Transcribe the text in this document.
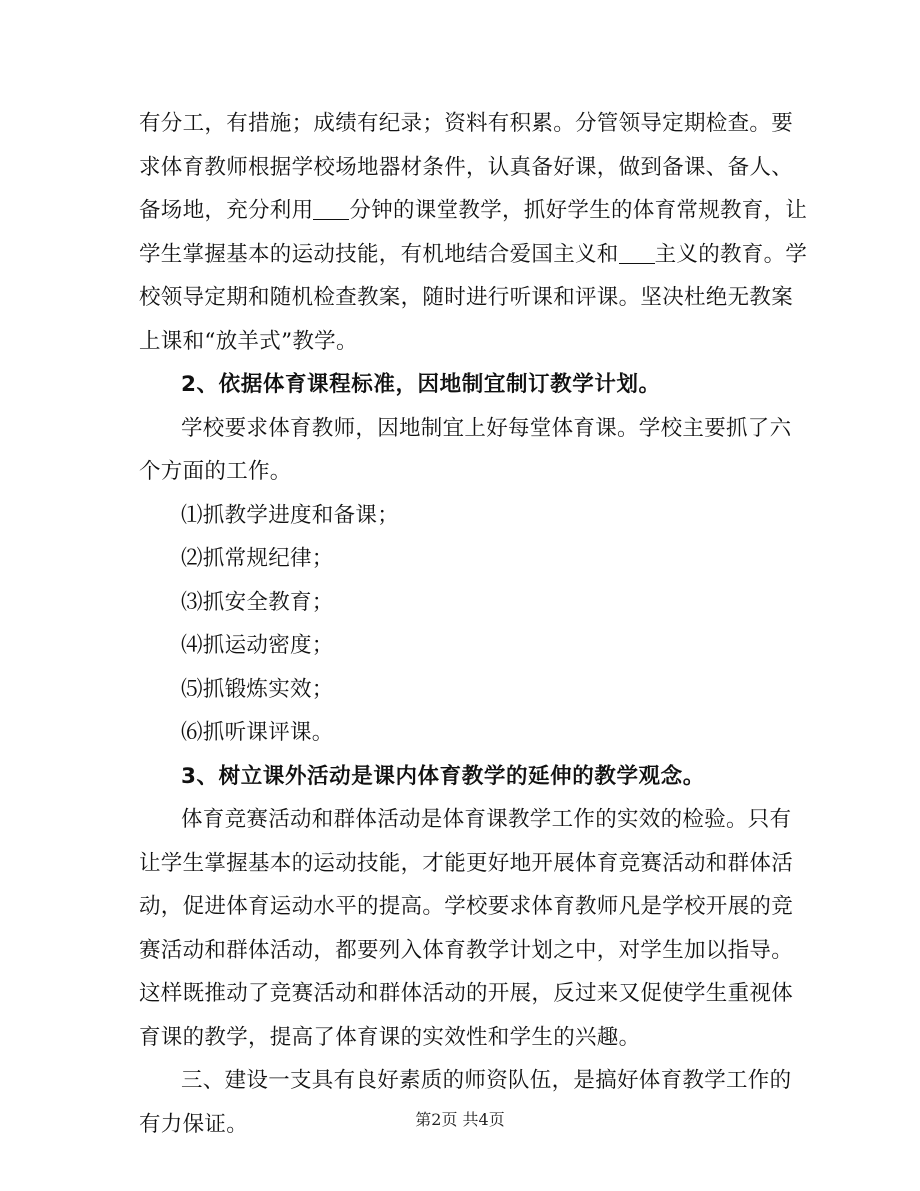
有分工，有措施；成绩有纪录；资料有积累。分管领导定期检查。要
求体育教师根据学校场地器材条件，认真备好课，做到备课、备人、
备场地，充分利用 分钟的课堂教学，抓好学生的体育常规教育，让
学生掌握基本的运动技能，有机地结合爱国主义和 主义的教育。学
校领导定期和随机检查教案，随时进行听课和评课。坚决杜绝无教案
上课和“放羊式”教学。
2、依据体育课程标准，因地制宜制订教学计划。
学校要求体育教师，因地制宜上好每堂体育课。学校主要抓了六
个方面的工作。
⑴抓教学进度和备课；
⑵抓常规纪律；
⑶抓安全教育；
⑷抓运动密度；
⑸抓锻炼实效；
⑹抓听课评课。
3、树立课外活动是课内体育教学的延伸的教学观念。
体育竞赛活动和群体活动是体育课教学工作的实效的检验。只有
让学生掌握基本的运动技能，才能更好地开展体育竞赛活动和群体活
动，促进体育运动水平的提高。学校要求体育教师凡是学校开展的竞
赛活动和群体活动，都要列入体育教学计划之中，对学生加以指导。
这样既推动了竞赛活动和群体活动的开展，反过来又促使学生重视体
育课的教学，提高了体育课的实效性和学生的兴趣。
第2页 共4页
三、建设一支具有良好素质的师资队伍，是搞好体育教学工作的
有力保证。
